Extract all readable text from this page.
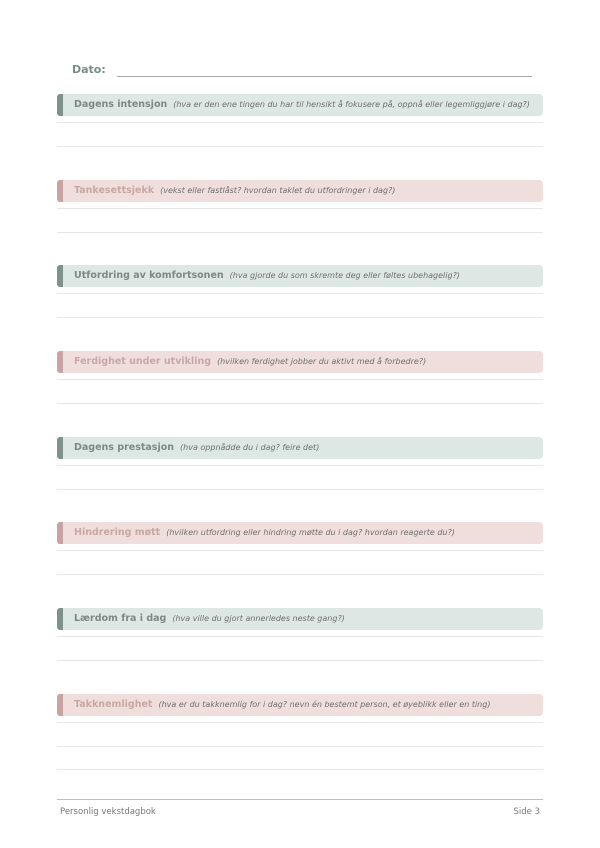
Dato:
Dagens intensjon (hva er den ene tingen du har til hensikt å fokusere på, oppnå eller legemliggjøre i dag?)
Tankesettsjekk (vekst eller fastlåst? hvordan taklet du utfordringer i dag?)
Utfordring av komfortsonen (hva gjorde du som skremte deg eller føltes ubehagelig?)
Ferdighet under utvikling (hvilken ferdighet jobber du aktivt med å forbedre?)
Dagens prestasjon (hva oppnådde du i dag? feire det)
Hindrering møtt (hvilken utfordring eller hindring møtte du i dag? hvordan reagerte du?)
Lærdom fra i dag (hva ville du gjort annerledes neste gang?)
Takknemlighet (hva er du takknemlig for i dag? nevn én bestemt person, et øyeblikk eller en ting)
Personlig vekstdagbok	Side 3
